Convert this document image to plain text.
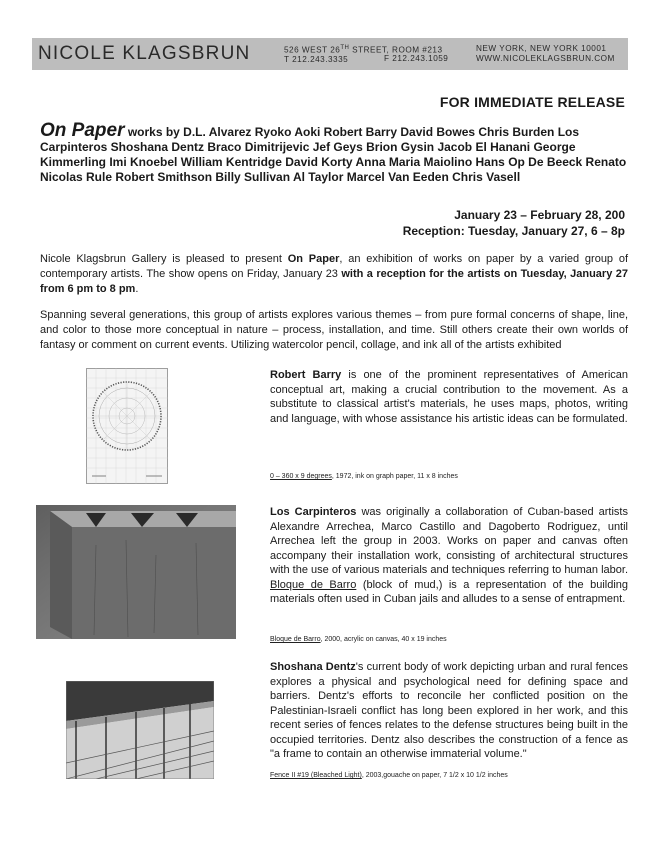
NICOLE KLAGSBRUN	526 WEST 26TH STREET, ROOM #213
T 212.243.3335
	F 212.243.1059
NEW YORK, NEW YORK 10001
WWW.NICOLEKLAGSBRUN.COM
FOR IMMEDIATE RELEASE
On Paper works by D.L. Alvarez Ryoko Aoki Robert Barry David Bowes Chris Burden Los Carpinteros Shoshana Dentz Braco Dimitrijevic Jef Geys Brion Gysin Jacob El Hanani George Kimmerling Imi Knoebel William Kentridge David Korty Anna Maria Maiolino Hans Op De Beeck Renato Nicolas Rule Robert Smithson Billy Sullivan Al Taylor Marcel Van Eeden Chris Vasell
January 23 – February 28, 200
Reception: Tuesday, January 27, 6 – 8p
Nicole Klagsbrun Gallery is pleased to present On Paper, an exhibition of works on paper by a varied group of contemporary artists. The show opens on Friday, January 23 with a reception for the artists on Tuesday, January 27 from 6 pm to 8 pm.
Spanning several generations, this group of artists explores various themes – from pure formal concerns of shape, line, and color to those more conceptual in nature – process, installation, and time. Still others create their own worlds of fantasy or comment on current events. Utilizing watercolor pencil, collage, and ink all of the artists exhibited
Robert Barry is one of the prominent representatives of American conceptual art, making a crucial contribution to the movement. As a substitute to classical artist's materials, he uses maps, photos, writing and language, with whose assistance his artistic ideas can be formulated.
0 – 360 x 9 degrees, 1972, ink on graph paper, 11 x 8 inches
Los Carpinteros was originally a collaboration of Cuban-based artists Alexandre Arrechea, Marco Castillo and Dagoberto Rodriguez, until Arrechea left the group in 2003. Works on paper and canvas often accompany their installation work, consisting of architectural structures with the use of various materials and techniques referring to human labor. Bloque de Barro (block of mud,) is a representation of the building materials often used in Cuban jails and alludes to a sense of entrapment.
Bloque de Barro, 2000, acrylic on canvas, 40 x 19 inches
Shoshana Dentz's current body of work depicting urban and rural fences explores a physical and psychological need for defining space and barriers. Dentz's efforts to reconcile her conflicted position on the Palestinian-Israeli conflict has long been explored in her work, and this recent series of fences relates to the defense structures being built in the occupied territories. Dentz also describes the construction of a fence as "a frame to contain an otherwise immaterial volume."
Fence II #19 (Bleached Light), 2003,gouache on paper, 7 1/2 x 10 1/2 inches
